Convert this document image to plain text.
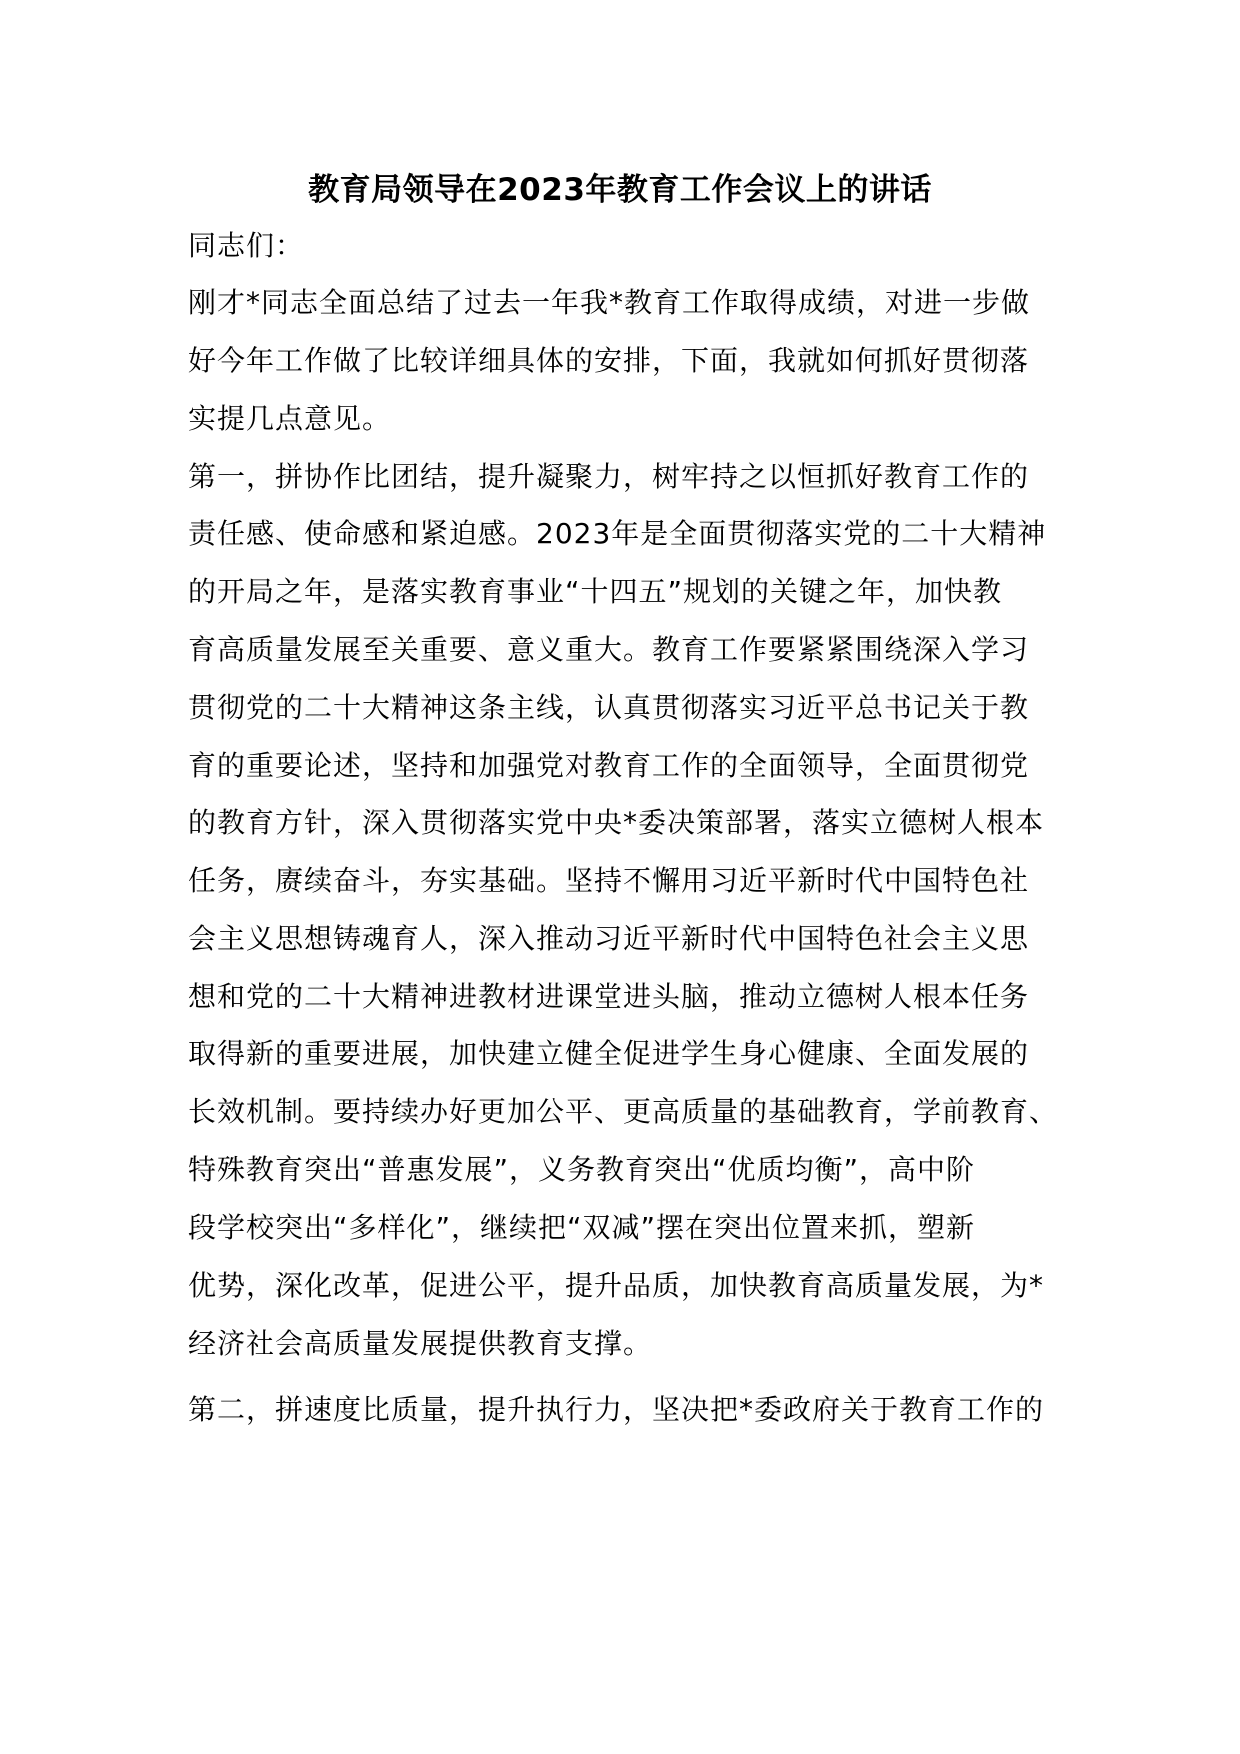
教育局领导在2023年教育工作会议上的讲话
同志们：
刚才*同志全面总结了过去一年我*教育工作取得成绩，对进一步做
好今年工作做了比较详细具体的安排，下面，我就如何抓好贯彻落
实提几点意见。
第一，拼协作比团结，提升凝聚力，树牢持之以恒抓好教育工作的
责任感、使命感和紧迫感。2023年是全面贯彻落实党的二十大精神
的开局之年，是落实教育事业“十四五”规划的关键之年，加快教
育高质量发展至关重要、意义重大。教育工作要紧紧围绕深入学习
贯彻党的二十大精神这条主线，认真贯彻落实习近平总书记关于教
育的重要论述，坚持和加强党对教育工作的全面领导，全面贯彻党
的教育方针，深入贯彻落实党中央*委决策部署，落实立德树人根本
任务，赓续奋斗，夯实基础。坚持不懈用习近平新时代中国特色社
会主义思想铸魂育人，深入推动习近平新时代中国特色社会主义思
想和党的二十大精神进教材进课堂进头脑，推动立德树人根本任务
取得新的重要进展，加快建立健全促进学生身心健康、全面发展的
长效机制。要持续办好更加公平、更高质量的基础教育，学前教育、
特殊教育突出“普惠发展”，义务教育突出“优质均衡”，高中阶
段学校突出“多样化”，继续把“双减”摆在突出位置来抓，塑新
优势，深化改革，促进公平，提升品质，加快教育高质量发展，为*
经济社会高质量发展提供教育支撑。
第二，拼速度比质量，提升执行力，坚决把*委政府关于教育工作的
